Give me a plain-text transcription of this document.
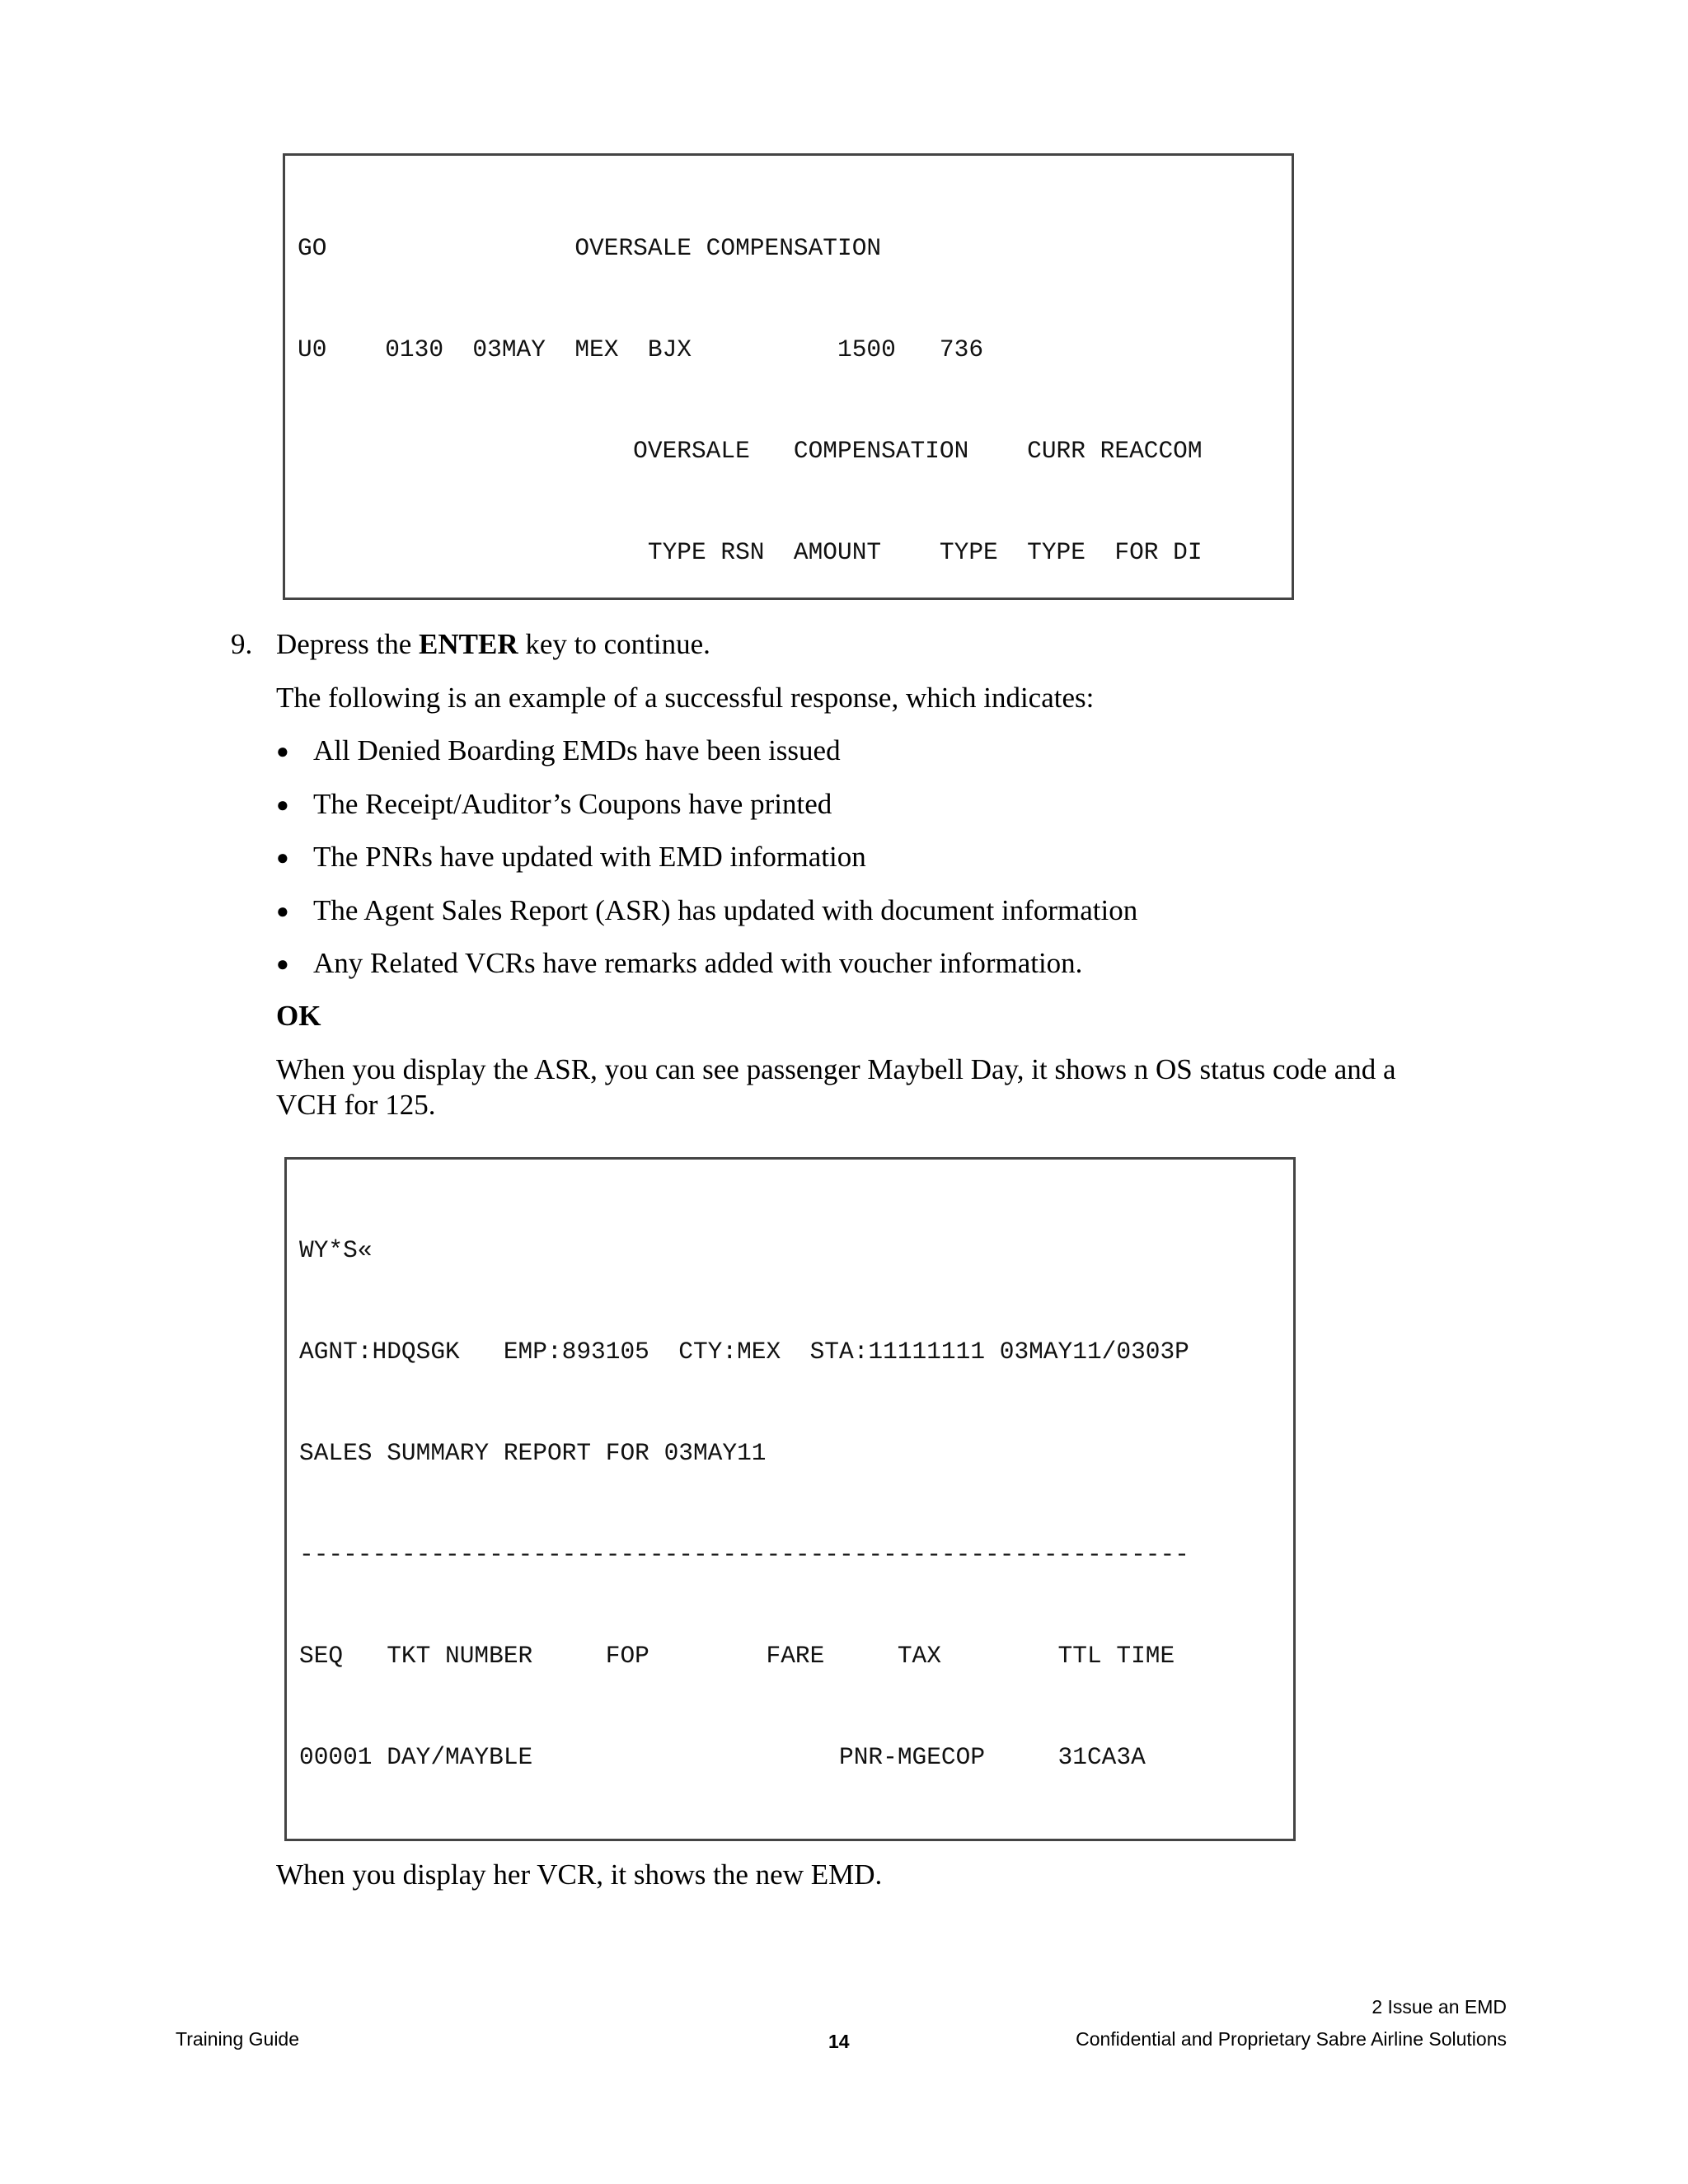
GO                 OVERSALE COMPENSATION

U0    0130  03MAY  MEX  BJX          1500   736

OVERSALE   COMPENSATION    CURR REACCOM

TYPE RSN  AMOUNT    TYPE  TYPE  FOR DI

9. Depress the ENTER key to continue.
The following is an example of a successful response, which indicates:
● All Denied Boarding EMDs have been issued
● The Receipt/Auditor’s Coupons have printed
● The PNRs have updated with EMD information
● The Agent Sales Report (ASR) has updated with document information
● Any Related VCRs have remarks added with voucher information.
OK
When you display the ASR, you can see passenger Maybell Day, it shows n OS status code and a
VCH for 125.
When you display her VCR, it shows the new EMD.

WY*S«

AGNT:HDQSGK   EMP:893105  CTY:MEX  STA:11111111 03MAY11/0303P

SALES SUMMARY REPORT FOR 03MAY11

-------------------------------------------------------------

SEQ   TKT NUMBER     FOP        FARE     TAX        TTL TIME

00001 DAY/MAYBLE                     PNR-MGECOP     31CA3A

2 Issue an EMD
Training Guide	14	Confidential and Proprietary Sabre Airline Solutions
